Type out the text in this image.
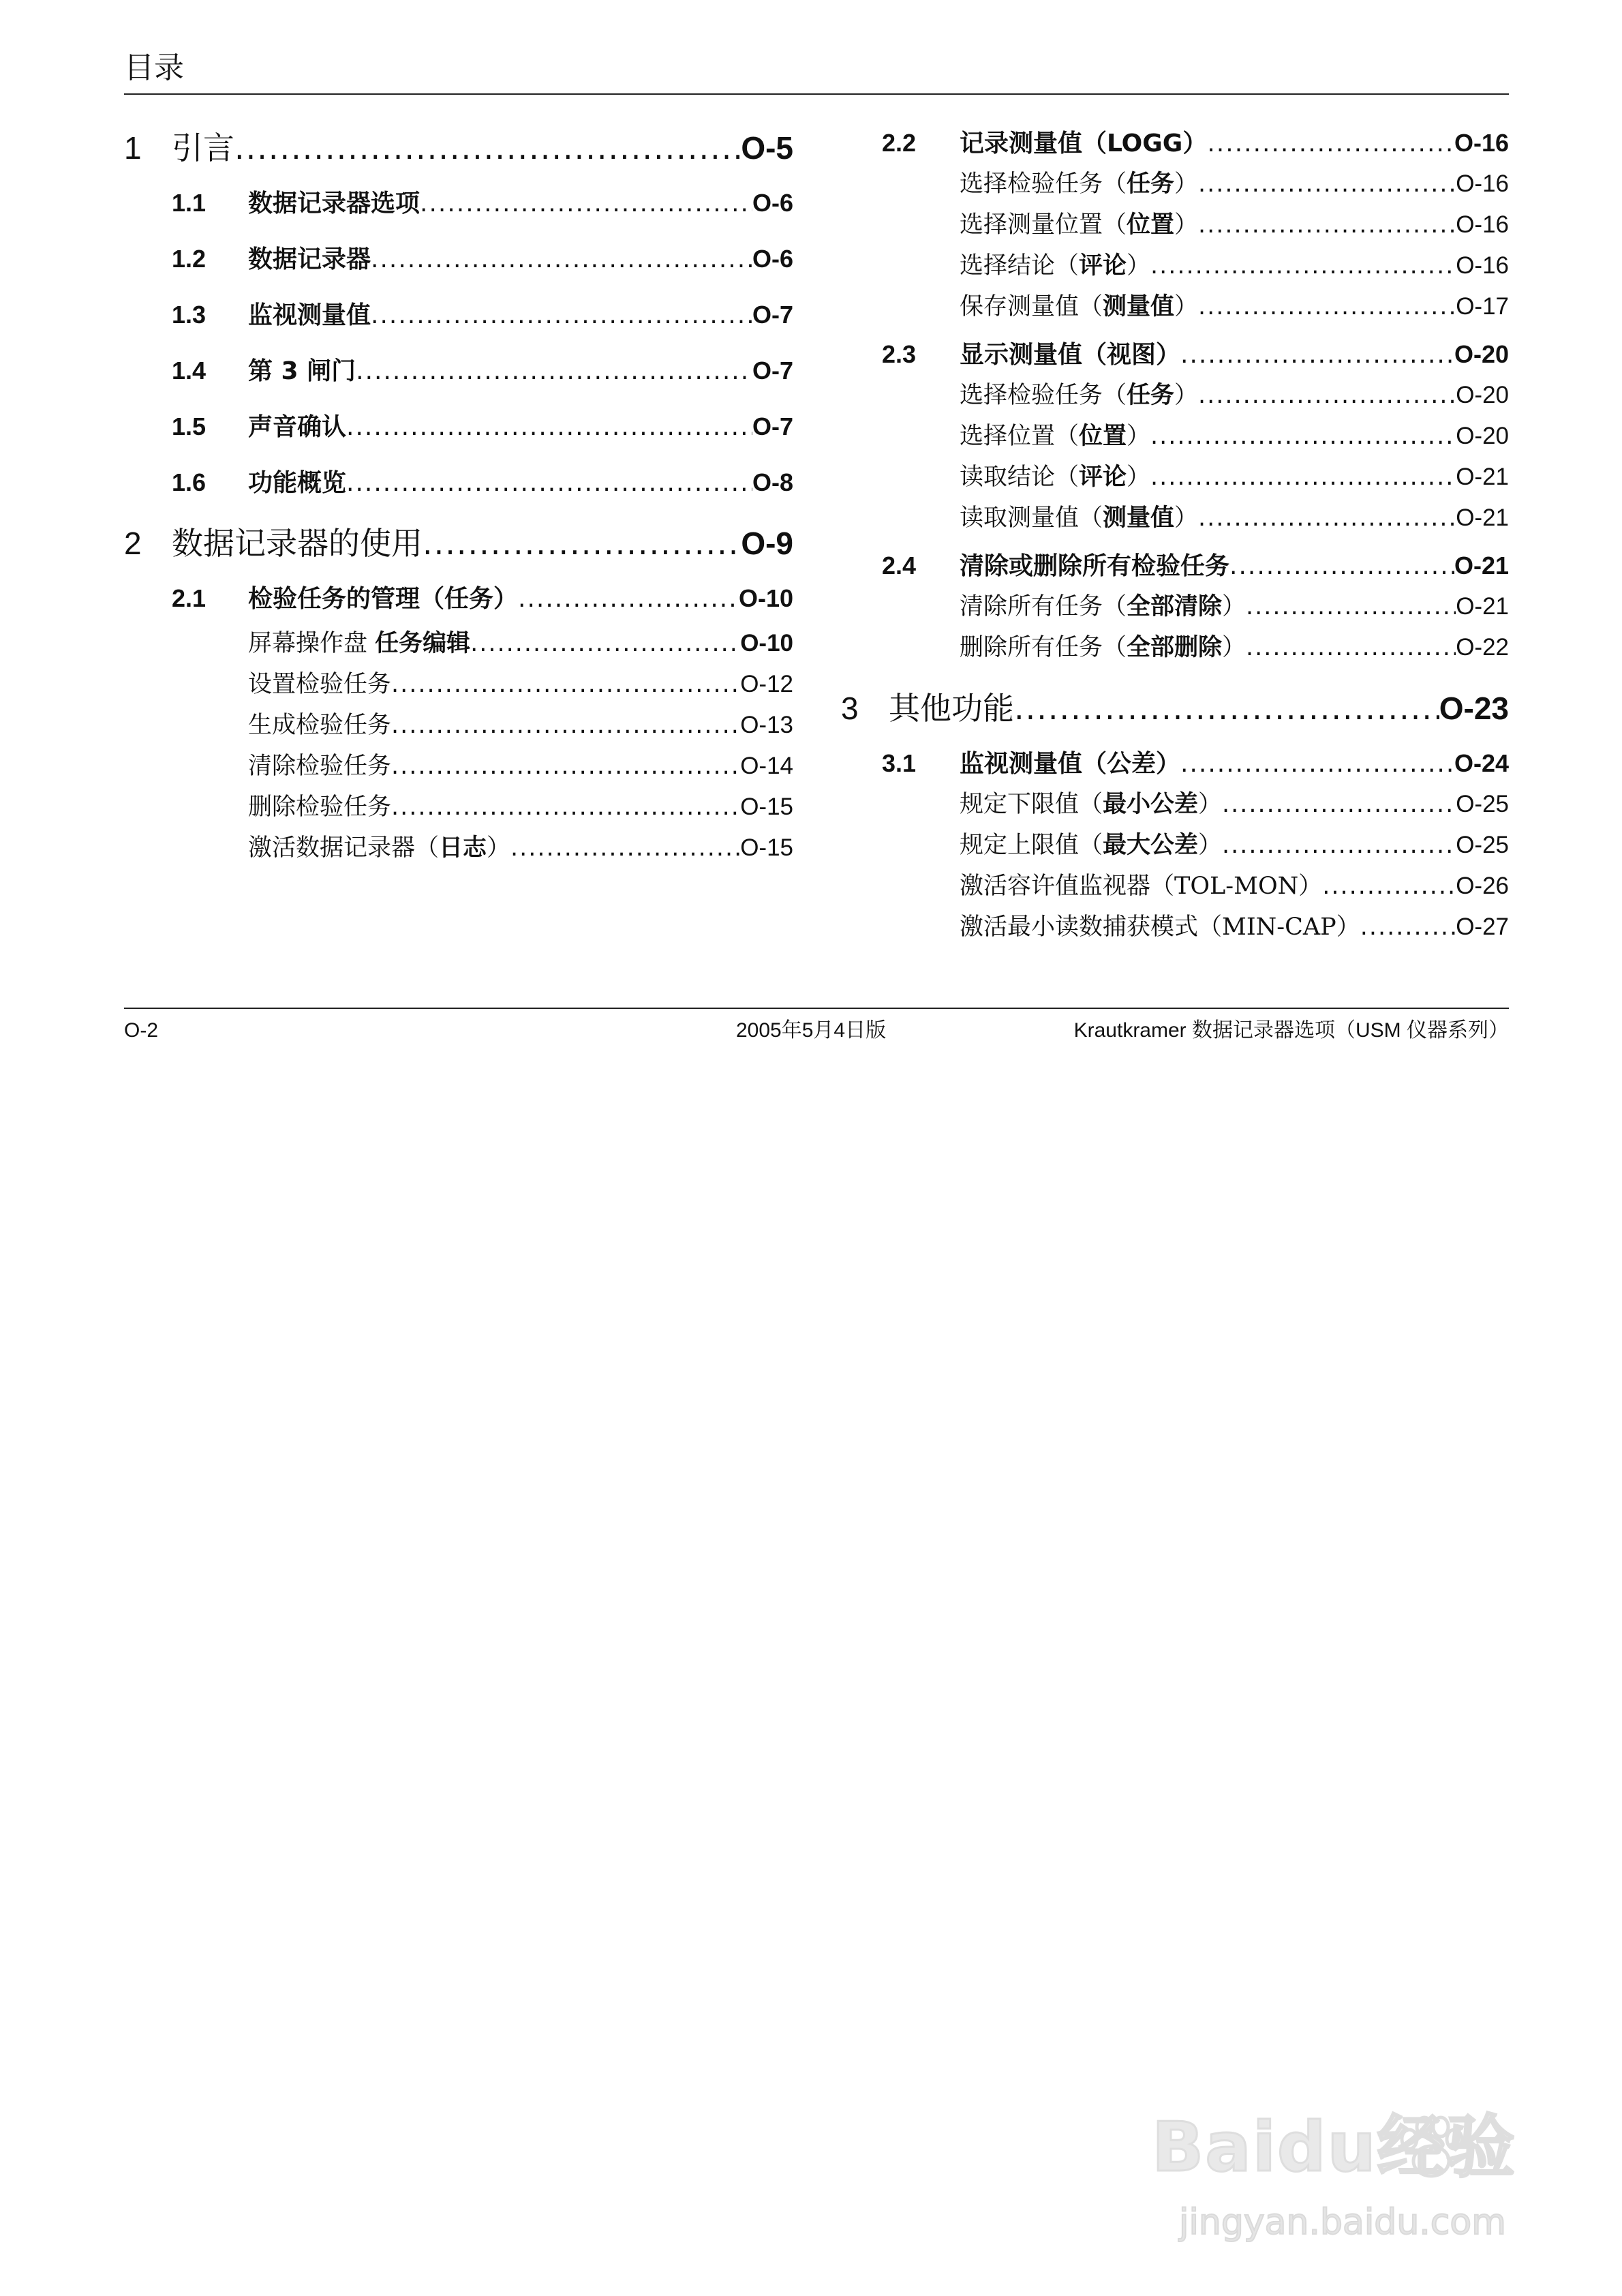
目录
1 引言 .....	O-5
1.1	数据记录器选项 .....	O-6
1.2	数据记录器 .....	O-6
1.3	监视测量值 .....	O-7
1.4	第 3 闸门 .....	O-7
1.5	声音确认 .....	O-7
1.6	功能概览 .....	O-8
2 数据记录器的使用 .....	O-9
2.1	检验任务的管理（任务） .....	O-10
屏幕操作盘 任务编辑 .....	O-10
设置检验任务 .....	O-12
生成检验任务 .....	O-13
清除检验任务 .....	O-14
删除检验任务 .....	O-15
激活数据记录器（日志） .....	O-15
2.2	记录测量值（LOGG） .....	O-16
选择检验任务（任务） .....	O-16
选择测量位置（位置） .....	O-16
选择结论（评论） .....	O-16
保存测量值（测量值） .....	O-17
2.3	显示测量值（视图） .....	O-20
选择检验任务（任务） .....	O-20
选择位置（位置） .....	O-20
读取结论（评论） .....	O-21
读取测量值（测量值） .....	O-21
2.4	清除或删除所有检验任务 .....	O-21
清除所有任务（全部清除） .....	O-21
删除所有任务（全部删除） .....	O-22
3 其他功能 .....	O-23
3.1	监视测量值（公差） .....	O-24
规定下限值（最小公差） .....	O-25
规定上限值（最大公差） .....	O-25
激活容许值监视器（TOL-MON） .....	O-26
激活最小读数捕获模式（MIN-CAP） .....	O-27
O-2	2005年5月4日版	Krautkramer 数据记录器选项（USM 仪器系列）
Baidu经验
jingyan.baidu.com
